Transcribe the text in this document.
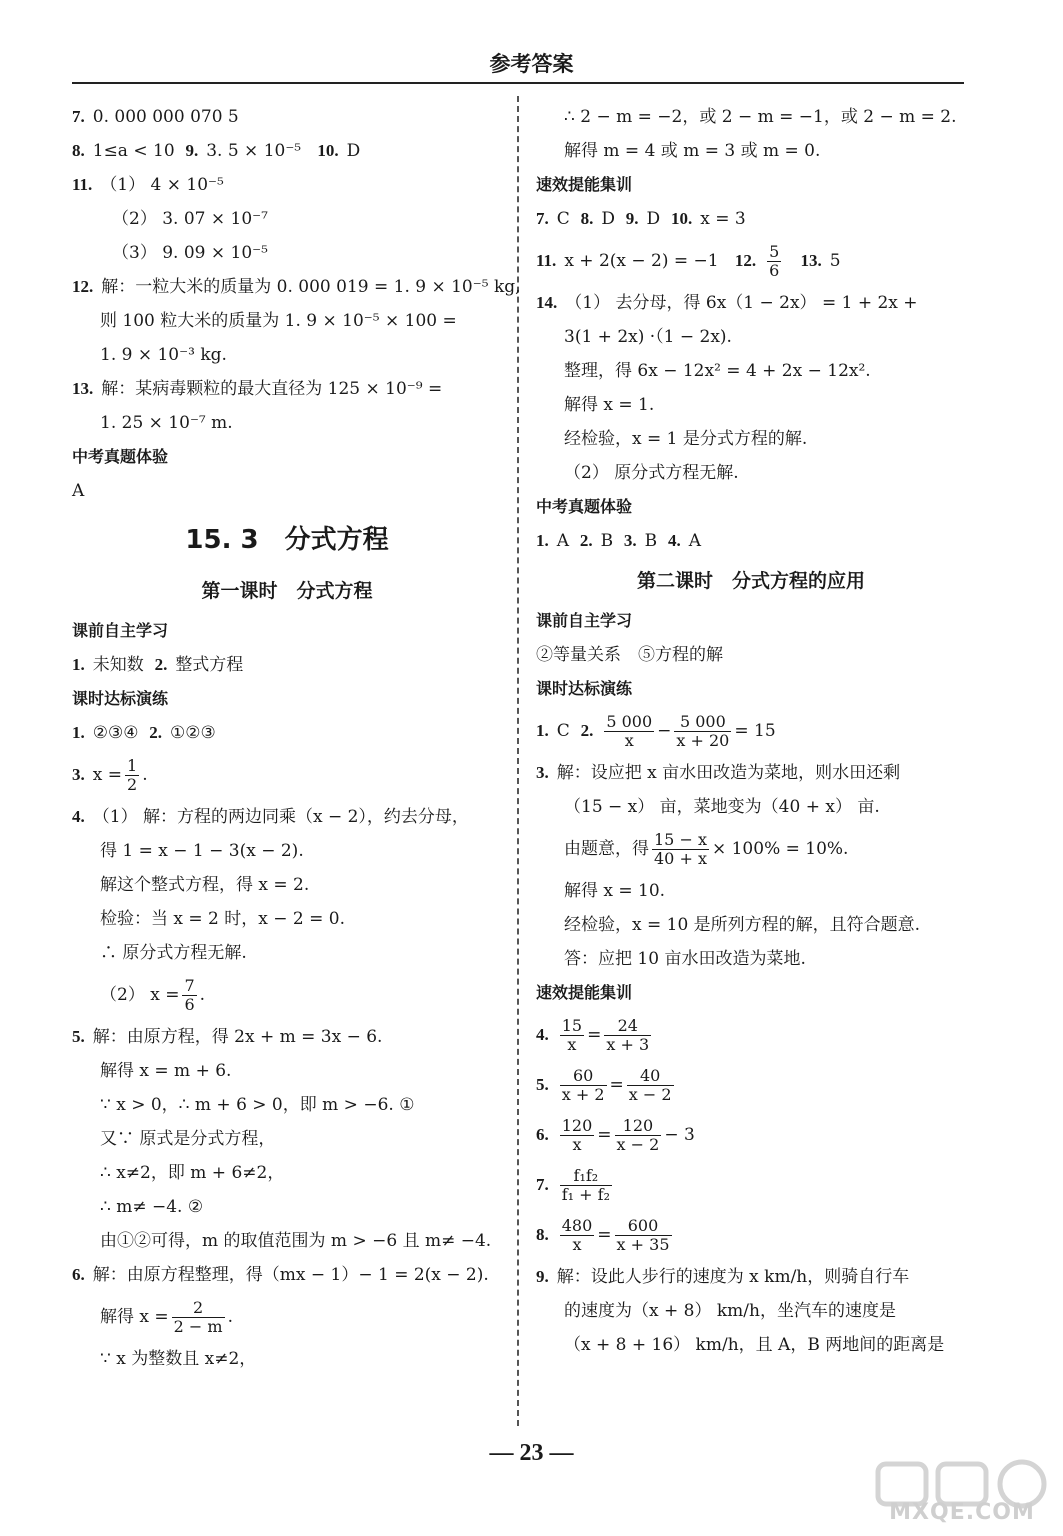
参考答案
7. 0. 000 000 070 5
8. 1≤a < 10 9. 3. 5 × 10⁻⁵ 10. D
11. （1） 4 × 10⁻⁵
（2） 3. 07 × 10⁻⁷
（3） 9. 09 × 10⁻⁵
12. 解：一粒大米的质量为 0. 000 019 = 1. 9 × 10⁻⁵ kg,
则 100 粒大米的质量为 1. 9 × 10⁻⁵ × 100 =
1. 9 × 10⁻³ kg.
13. 解：某病毒颗粒的最大直径为 125 × 10⁻⁹ =
1. 25 × 10⁻⁷ m.
中考真题体验
A
15. 3　分式方程
第一课时　分式方程
课前自主学习
1. 未知数 2. 整式方程
课时达标演练
1. ②③④ 2. ①②③
3. $x = \frac{1}{2}$ .
4. （1） 解：方程的两边同乘（x − 2），约去分母，
得 1 = x − 1 − 3(x − 2).
解这个整式方程，得 x = 2.
检验：当 x = 2 时，x − 2 = 0.
∴ 原分式方程无解.
（2） $x = \frac{7}{6}$ .
5. 解：由原方程，得 2x + m = 3x − 6.
解得 x = m + 6.
∵ x > 0，∴ m + 6 > 0，即 m > −6. ①
又∵ 原式是分式方程，
∴ x≠2，即 m + 6≠2，
∴ m≠ −4. ②
由①②可得，m 的取值范围为 m > −6 且 m≠ −4.
6. 解：由原方程整理，得（mx − 1）− 1 = 2(x − 2).
解得 $x = \frac{2}{2 - m}$ .
∵ x 为整数且 x≠2，
∴ 2 − m = −2，或 2 − m = −1，或 2 − m = 2.
解得 m = 4 或 m = 3 或 m = 0.
速效提能集训
7. C 8. D 9. D 10. x = 3
11. x + 2(x − 2) = −1 12. $\frac{5}{6} 13$. 5
14. （1） 去分母，得 6x（1 − 2x） = 1 + 2x +
3(1 + 2x) ·（1 − 2x).
整理，得 6x − 12x² = 4 + 2x − 12x².
解得 x = 1.
经检验，x = 1 是分式方程的解.
（2） 原分式方程无解.
中考真题体验
1. A 2. B 3. B 4. A
第二课时　分式方程的应用
课前自主学习
②等量关系　⑤方程的解
课时达标演练
1. C 2. $\frac{5 000}{x} - \frac{5 000}{x + 20} = 15$
3. 解：设应把 x 亩水田改造为菜地，则水田还剩
（15 − x） 亩，菜地变为（40 + x） 亩.
由题意，得 $\frac{15 - x}{40 + x} \times 100\% = 10\%$.
解得 x = 10.
经检验，x = 10 是所列方程的解，且符合题意.
答：应把 10 亩水田改造为菜地.
速效提能集训
4. $\frac{15}{x} = \frac{24}{x + 3}$
5. $\frac{60}{x + 2} = \frac{40}{x - 2}$
6. $\frac{120}{x} = \frac{120}{x - 2} - 3$
7. $\frac{\text{f₁f₂}}{\text{f₁ + f₂}}$
8. $\frac{480}{x} = \frac{600}{x + 35}$
9. 解：设此人步行的速度为 x km/h，则骑自行车
的速度为（x + 8） km/h，坐汽车的速度是
（x + 8 + 16） km/h，且 A，B 两地间的距离是
— 23 —
MXQE.COM
